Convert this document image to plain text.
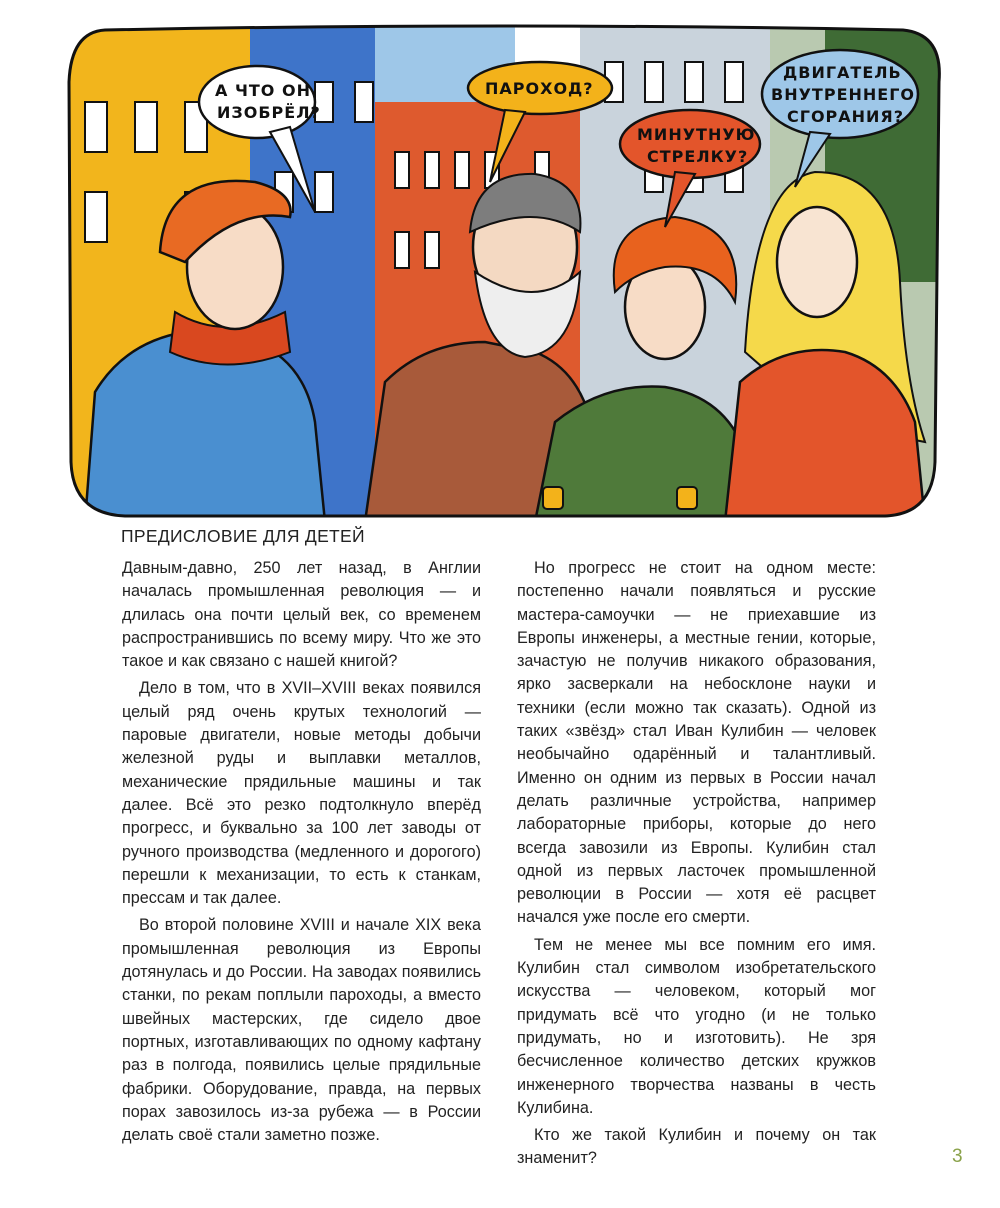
А ЧТО ОН
ИЗОБРЁЛ?
ПАРОХОД?
МИНУТНУЮ
СТРЕЛКУ?
ДВИГАТЕЛЬ
ВНУТРЕННЕГО
СГОРАНИЯ?
ПРЕДИСЛОВИЕ ДЛЯ ДЕТЕЙ

Давным-давно, 250 лет назад, в Англии началась промышленная революция — и длилась она почти целый век, со временем распространившись по всему миру. Что же это такое и как связано с нашей книгой?

Дело в том, что в XVII–XVIII веках появился целый ряд очень крутых технологий — паровые двигатели, новые методы добычи железной руды и выплавки металлов, механические прядильные машины и так далее. Всё это резко подтолкнуло вперёд прогресс, и буквально за 100 лет заводы от ручного производства (медленного и дорогого) перешли к механизации, то есть к станкам, прессам и так далее.

Во второй половине XVIII и начале XIX века промышленная революция из Европы дотянулась и до России. На заводах появились станки, по рекам поплыли пароходы, а вместо швейных мастерских, где сидело двое портных, изготавливающих по одному кафтану раз в полгода, появились целые прядильные фабрики. Оборудование, правда, на первых порах завозилось из-за рубежа — в России делать своё стали заметно позже.

Но прогресс не стоит на одном месте: постепенно начали появляться и русские мастера-самоучки — не приехавшие из Европы инженеры, а местные гении, которые, зачастую не получив никакого образования, ярко засверкали на небосклоне науки и техники (если можно так сказать). Одной из таких «звёзд» стал Иван Кулибин — человек необычайно одарённый и талантливый. Именно он одним из первых в России начал делать различные устройства, например лабораторные приборы, которые до него всегда завозили из Европы. Кулибин стал одной из первых ласточек промышленной революции в России — хотя её расцвет начался уже после его смерти.

Тем не менее мы все помним его имя. Кулибин стал символом изобретательского искусства — человеком, который мог придумать всё что угодно (и не только придумать, но и изготовить). Не зря бесчисленное количество детских кружков инженерного творчества названы в честь Кулибина.

Кто же такой Кулибин и почему он так знаменит?	3
